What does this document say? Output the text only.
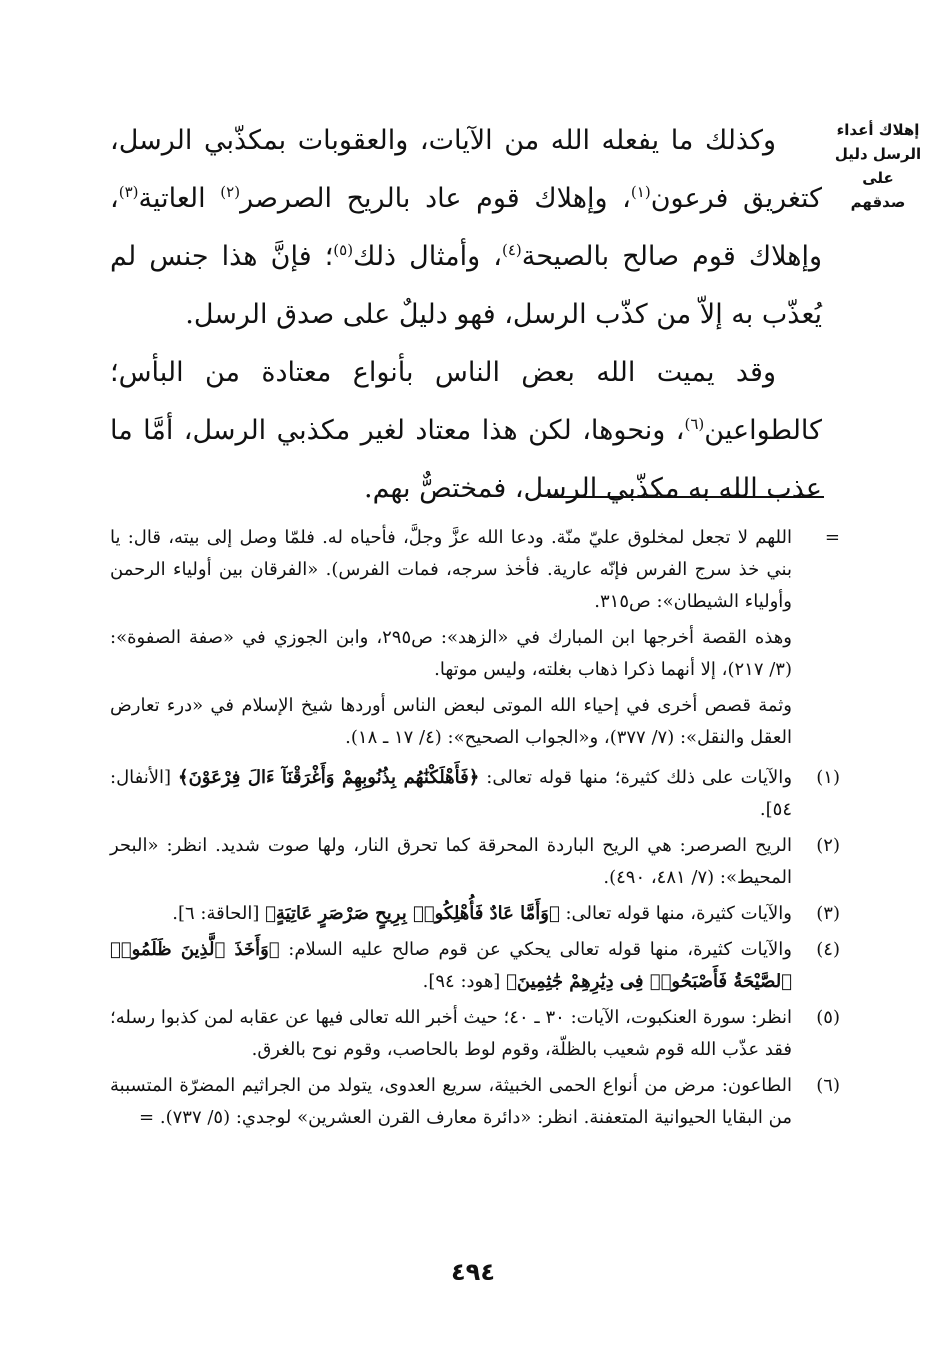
إهلاك أعداء
الرسل دليل على
صدقهم

وكذلك ما يفعله الله من الآيات، والعقوبات بمكذّبي الرسل، كتغريق فرعون$^{(١)}$، وإهلاك قوم عاد بالريح الصرصر$^{(٢)}$ العاتية$^{(٣)}$، وإهلاك قوم صالح بالصيحة$^{(٤)}$، وأمثال ذلك$^{(٥)}$؛ فإنَّ هذا جنس لم يُعذّب به إلاّ من كذّب الرسل، فهو دليلٌ على صدق الرسل.

وقد يميت الله بعض الناس بأنواع معتادة من البأس؛ كالطواعين$^{(٦)}$، ونحوها، لكن هذا معتاد لغير مكذبي الرسل، أمَّا ما عذب الله به مكذّبي الرسل، فمختصٌّ بهم.

=

اللهم لا تجعل لمخلوق عليّ منّة. ودعا الله عزَّ وجلَّ، فأحياه له. فلمّا وصل إلى بيته، قال: يا بني خذ سرج الفرس فإنّه عارية. فأخذ سرجه، فمات الفرس). «الفرقان بين أولياء الرحمن وأولياء الشيطان»: ص٣١٥.

وهذه القصة أخرجها ابن المبارك في «الزهد»: ص٢٩٥، وابن الجوزي في «صفة الصفوة»: (٣/ ٢١٧)، إلا أنهما ذكرا ذهاب بغلته، وليس موتها.

وثمة قصص أخرى في إحياء الله الموتى لبعض الناس أوردها شيخ الإسلام في «درء تعارض العقل والنقل»: (٧/ ٣٧٧)، و«الجواب الصحيح»: (٤/ ١٧ ـ ١٨).

(١)
والآيات على ذلك كثيرة؛ منها قوله تعالى: ﴿فَأَهْلَكْنَٰهُم بِذُنُوبِهِمْ وَأَغْرَقْنَآ ءَالَ فِرْعَوْنَ﴾ [الأنفال: ٥٤].
(٢)
الريح الصرصر: هي الريح الباردة المحرقة كما تحرق النار، ولها صوت شديد. انظر: «البحر المحيط»: (٧/ ٤٨١، ٤٩٠).
(٣)
والآيات كثيرة، منها قوله تعالى: ﴿وَأَمَّا عَادٌ فَأُهْلِكُوا۟ بِرِيحٍ صَرْصَرٍ عَاتِيَةٍ﴾ [الحاقة: ٦].
(٤)
والآيات كثيرة، منها قوله تعالى يحكي عن قوم صالح عليه السلام: ﴿وَأَخَذَ ٱلَّذِينَ ظَلَمُوا۟ ٱلصَّيْحَةُ فَأَصْبَحُوا۟ فِى دِيَٰرِهِمْ جَٰثِمِينَ﴾ [هود: ٩٤].
(٥)
انظر: سورة العنكبوت، الآيات: ٣٠ ـ ٤٠؛ حيث أخبر الله تعالى فيها عن عقابه لمن كذبوا رسله؛ فقد عذّب الله قوم شعيب بالظلّة، وقوم لوط بالحاصب، وقوم نوح بالغرق.
(٦)
الطاعون: مرض من أنواع الحمى الخبيثة، سريع العدوى، يتولد من الجراثيم المضرّة المتسببة من البقايا الحيوانية المتعفنة. انظر: «دائرة معارف القرن العشرين» لوجدي: (٥/ ٧٣٧). =
٤٩٤
